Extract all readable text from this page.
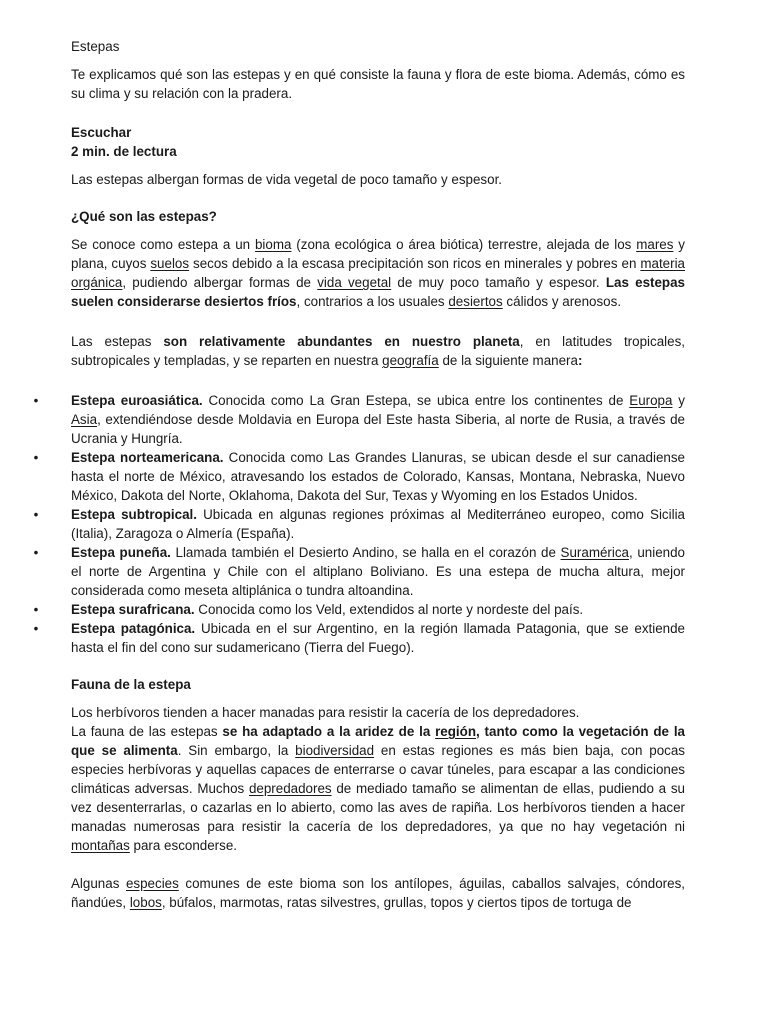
Estepas

Te explicamos qué son las estepas y en qué consiste la fauna y flora de este bioma. Además, cómo es su clima y su relación con la pradera.

Escuchar

2 min. de lectura

Las estepas albergan formas de vida vegetal de poco tamaño y espesor.

¿Qué son las estepas?

Se conoce como estepa a un bioma (zona ecológica o área biótica) terrestre, alejada de los mares y plana, cuyos suelos secos debido a la escasa precipitación son ricos en minerales y pobres en materia orgánica, pudiendo albergar formas de vida vegetal de muy poco tamaño y espesor. Las estepas suelen considerarse desiertos fríos, contrarios a los usuales desiertos cálidos y arenosos.

Las estepas son relativamente abundantes en nuestro planeta, en latitudes tropicales, subtropicales y templadas, y se reparten en nuestra geografía de la siguiente manera:

• Estepa euroasiática. Conocida como La Gran Estepa, se ubica entre los continentes de Europa y Asia, extendiéndose desde Moldavia en Europa del Este hasta Siberia, al norte de Rusia, a través de Ucrania y Hungría.
• Estepa norteamericana. Conocida como Las Grandes Llanuras, se ubican desde el sur canadiense hasta el norte de México, atravesando los estados de Colorado, Kansas, Montana, Nebraska, Nuevo México, Dakota del Norte, Oklahoma, Dakota del Sur, Texas y Wyoming en los Estados Unidos.
• Estepa subtropical. Ubicada en algunas regiones próximas al Mediterráneo europeo, como Sicilia (Italia), Zaragoza o Almería (España).
• Estepa puneña. Llamada también el Desierto Andino, se halla en el corazón de Suramérica, uniendo el norte de Argentina y Chile con el altiplano Boliviano. Es una estepa de mucha altura, mejor considerada como meseta altiplánica o tundra altoandina.
• Estepa surafricana. Conocida como los Veld, extendidos al norte y nordeste del país.
• Estepa patagónica. Ubicada en el sur Argentino, en la región llamada Patagonia, que se extiende hasta el fin del cono sur sudamericano (Tierra del Fuego).

Fauna de la estepa

Los herbívoros tienden a hacer manadas para resistir la cacería de los depredadores.

La fauna de las estepas se ha adaptado a la aridez de la región, tanto como la vegetación de la que se alimenta. Sin embargo, la biodiversidad en estas regiones es más bien baja, con pocas especies herbívoras y aquellas capaces de enterrarse o cavar túneles, para escapar a las condiciones climáticas adversas. Muchos depredadores de mediado tamaño se alimentan de ellas, pudiendo a su vez desenterrarlas, o cazarlas en lo abierto, como las aves de rapiña. Los herbívoros tienden a hacer manadas numerosas para resistir la cacería de los depredadores, ya que no hay vegetación ni montañas para esconderse.

Algunas especies comunes de este bioma son los antílopes, águilas, caballos salvajes, cóndores, ñandúes, lobos, búfalos, marmotas, ratas silvestres, grullas, topos y ciertos tipos de tortuga de
